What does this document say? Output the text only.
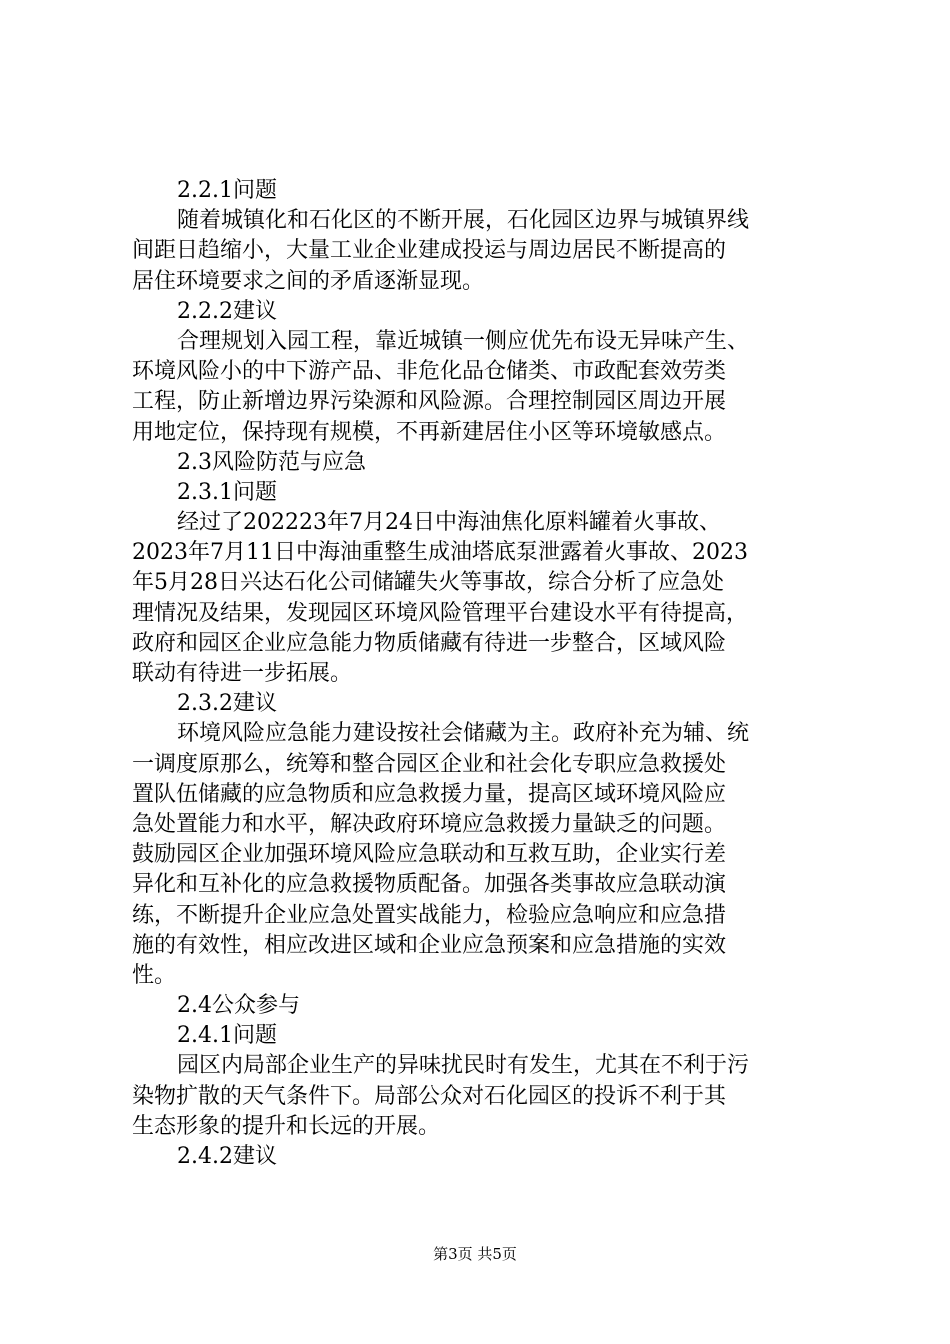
2.2.1问题
随着城镇化和石化区的不断开展，石化园区边界与城镇界线
间距日趋缩小，大量工业企业建成投运与周边居民不断提高的
居住环境要求之间的矛盾逐渐显现。
2.2.2建议
合理规划入园工程，靠近城镇一侧应优先布设无异味产生、
环境风险小的中下游产品、非危化品仓储类、市政配套效劳类
工程，防止新增边界污染源和风险源。合理控制园区周边开展
用地定位，保持现有规模，不再新建居住小区等环境敏感点。
2.3风险防范与应急
2.3.1问题
经过了202223年7月24日中海油焦化原料罐着火事故、
2023年7月11日中海油重整生成油塔底泵泄露着火事故、2023
年5月28日兴达石化公司储罐失火等事故，综合分析了应急处
理情况及结果，发现园区环境风险管理平台建设水平有待提高，
政府和园区企业应急能力物质储藏有待进一步整合，区域风险
联动有待进一步拓展。
2.3.2建议
环境风险应急能力建设按社会储藏为主。政府补充为辅、统
一调度原那么，统筹和整合园区企业和社会化专职应急救援处
置队伍储藏的应急物质和应急救援力量，提高区域环境风险应
急处置能力和水平，解决政府环境应急救援力量缺乏的问题。
鼓励园区企业加强环境风险应急联动和互救互助，企业实行差
异化和互补化的应急救援物质配备。加强各类事故应急联动演
练，不断提升企业应急处置实战能力，检验应急响应和应急措
施的有效性，相应改进区域和企业应急预案和应急措施的实效
性。
2.4公众参与
2.4.1问题
园区内局部企业生产的异味扰民时有发生，尤其在不利于污
染物扩散的天气条件下。局部公众对石化园区的投诉不利于其
生态形象的提升和长远的开展。
2.4.2建议
第3页 共5页
